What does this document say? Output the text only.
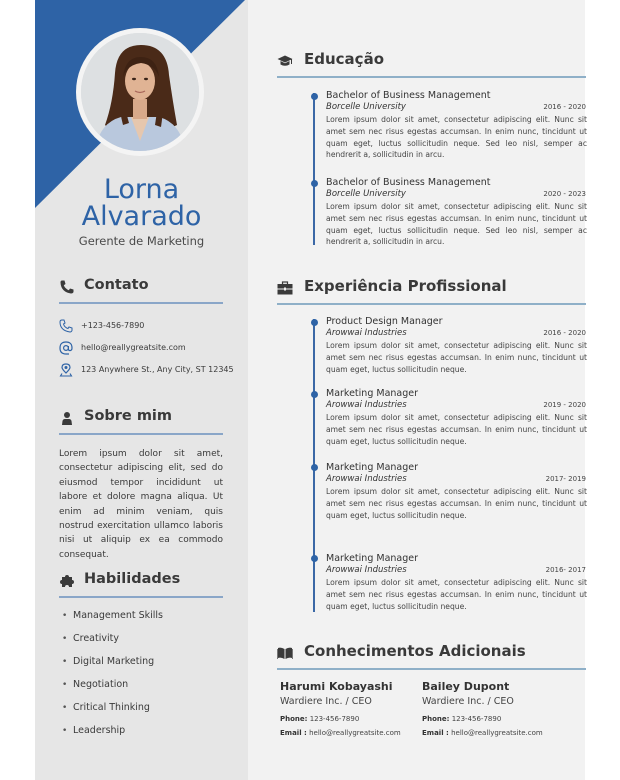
Lorna
Alvarado
Gerente de Marketing
Contato
+123-456-7890
hello@reallygreatsite.com
123 Anywhere St., Any City, ST 12345
Sobre mim
Lorem ipsum dolor sit amet, consectetur adipiscing elit, sed do eiusmod tempor incididunt ut labore et dolore magna aliqua. Ut enim ad minim veniam, quis nostrud exercitation ullamco laboris nisi ut aliquip ex ea commodo consequat.
Habilidades
• Management Skills
• Creativity
• Digital Marketing
• Negotiation
• Critical Thinking
• Leadership
Educação
Bachelor of Business Management
Borcelle University	2016 - 2020
Lorem ipsum dolor sit amet, consectetur adipiscing elit. Nunc sit amet sem nec risus egestas accumsan. In enim nunc, tincidunt ut quam eget, luctus sollicitudin neque. Sed leo nisl, semper ac hendrerit a, sollicitudin in arcu.
Bachelor of Business Management
Borcelle University	2020 - 2023
Lorem ipsum dolor sit amet, consectetur adipiscing elit. Nunc sit amet sem nec risus egestas accumsan. In enim nunc, tincidunt ut quam eget, luctus sollicitudin neque. Sed leo nisl, semper ac hendrerit a, sollicitudin in arcu.
Experiência Profissional
Product Design Manager
Arowwai Industries	2016 - 2020
Lorem ipsum dolor sit amet, consectetur adipiscing elit. Nunc sit amet sem nec risus egestas accumsan. In enim nunc, tincidunt ut quam eget, luctus sollicitudin neque.
Marketing Manager
Arowwai Industries	2019 - 2020
Lorem ipsum dolor sit amet, consectetur adipiscing elit. Nunc sit amet sem nec risus egestas accumsan. In enim nunc, tincidunt ut quam eget, luctus sollicitudin neque.
Marketing Manager
Arowwai Industries	2017- 2019
Lorem ipsum dolor sit amet, consectetur adipiscing elit. Nunc sit amet sem nec risus egestas accumsan. In enim nunc, tincidunt ut quam eget, luctus sollicitudin neque.
Marketing Manager
Arowwai Industries	2016- 2017
Lorem ipsum dolor sit amet, consectetur adipiscing elit. Nunc sit amet sem nec risus egestas accumsan. In enim nunc, tincidunt ut quam eget, luctus sollicitudin neque.
Conhecimentos Adicionais
Harumi Kobayashi
Wardiere Inc. / CEO
Phone: 123-456-7890
Email : hello@reallygreatsite.com
Bailey Dupont
Wardiere Inc. / CEO
Phone: 123-456-7890
Email : hello@reallygreatsite.com
